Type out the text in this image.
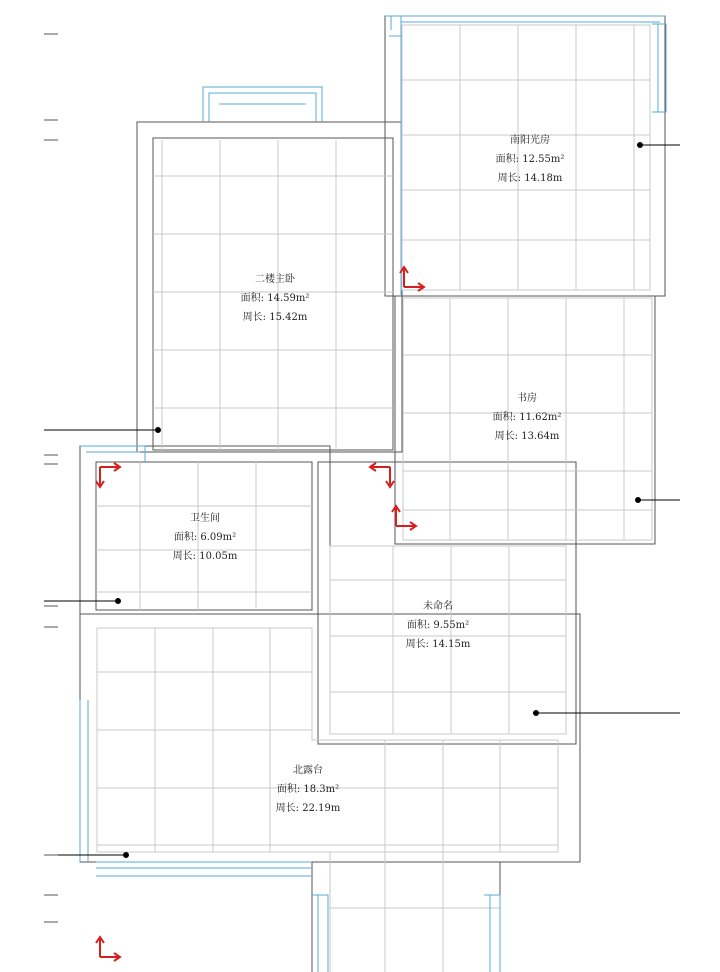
南阳光房
面积: 12.55m²
周长: 14.18m
二楼主卧
面积: 14.59m²
周长: 15.42m
书房
面积: 11.62m²
周长: 13.64m
卫生间
面积: 6.09m²
周长: 10.05m
未命名
面积: 9.55m²
周长: 14.15m
北露台
面积: 18.3m²
周长: 22.19m
